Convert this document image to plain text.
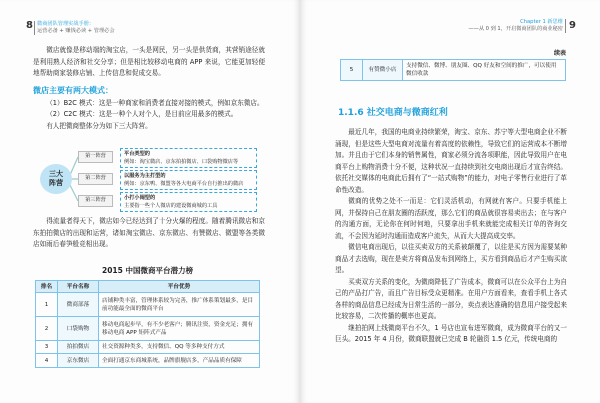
8 微商团队管理实战手册：
运营必备 + 赚钱必读 + 管理必会

微店就像是移动端的淘宝店，一头是网民，另一头是供货商，其营销途径就是利用熟人经济和社交分享；但是相比较移动电商的 APP 来说，它能更加轻便地帮助商家装修店铺、上传信息和促成交易。

微店主要有两大模式：

（1）B2C 模式：这是一种商家和消费者直接对接的模式，例如京东微店。

（2）C2C 模式：这是一种个人对个人，是目前应用最多的模式。

有人把微商整体分为如下三大阵营。

三大阵营
第一阵营
第二阵营
第三阵营
平台类型的
例如：淘宝微店、京东拍拍微店、口袋购物微店等
以服务为主打型的
例如：京东鸭、微盟等各大电商平台自行推出的微店
小打小闹型的
主要指一些个人微店的建设微商城的工具

得流量者得天下，微店如今已经达到了十分火爆的程度。随着腾讯微店和京东拍拍微店的出现和运营，诸如淘宝微店、京东微店、有赞微店、微盟等各类微店如雨后春笋般竞相出现。

2015 中国微商平台潜力榜
排名	平台名称	平台优势
1	微商部落	店铺种类丰富，管理体系较为完善，推广体系策划最多，是目前功能最全面的微商平台
2	口袋购物	移动电商起步早，有不少老客户；腾讯注资，资金充足；拥有移动电商 APP 矩阵式产品
3	拍拍微店	社交资源种类多，支持微信、QQ 等多种支付方式
4	京东微店	全面打通京东商城系统，品牌旗舰店多，产品品质有保障
Chapter 1 新思维
——从 0 到 1，开启微商团队的商业秘密 9
续表
5	有赞微小店	支持微信、微博、朋友圈、QQ 好友和空间的推广，可以使用微信收款
1.1.6 社交电商与微商红利

最近几年，我国的电商业持续繁荣，淘宝、京东、苏宁等大型电商企业不断涌现，但是这些大型电商对流量有着高度的依赖性，导致它们的运营成本不断增加。并且由于它们本身的销售属性，商家必须分流各项职能，因此导致用户在电商平台上购物消费十分不便，这种状况一直持续到社交电商出现后才宣告终结。依托社交媒体的电商此后拥有了“一站式购物”的能力，对电子零售行业进行了革命性改造。

微商的优势之处不一而足：它们灵活机动，有网就有客户。只要手机能上网，并保持自己在朋友圈的活跃度，那么它们的商品就很容易卖出去；在与客户的沟通方面，无论你在何时何地，只要拿出手机来就能完成相关订单的咨询交流，不会因为延时沟通而造成客户流失，从而大大提高成交率。

微信电商出现后，以往买卖双方的关系被颠覆了，以往是买方因为需要某种商品才去选购，现在是卖方将商品发布到网络上，买方看到商品后才产生购买欲望。

买卖双方关系的变化，为微商降低了广告成本，微商可以在公众平台上为自己的产品打广告，而且广告目标受众更精准。在用户方面看来，查看手机上各式各样的商品信息已经成为日常生活的一部分，卖点表达准确的信息用户接受起来比较容易，二次传播的概率也更高。

继拍拍网上线微商平台不久，1 号店也宣布进军微商，成为微商平台的又一巨头。2015 年 4 月份，微商联盟就已完成 B 轮融资 1.5 亿元，传统电商的
